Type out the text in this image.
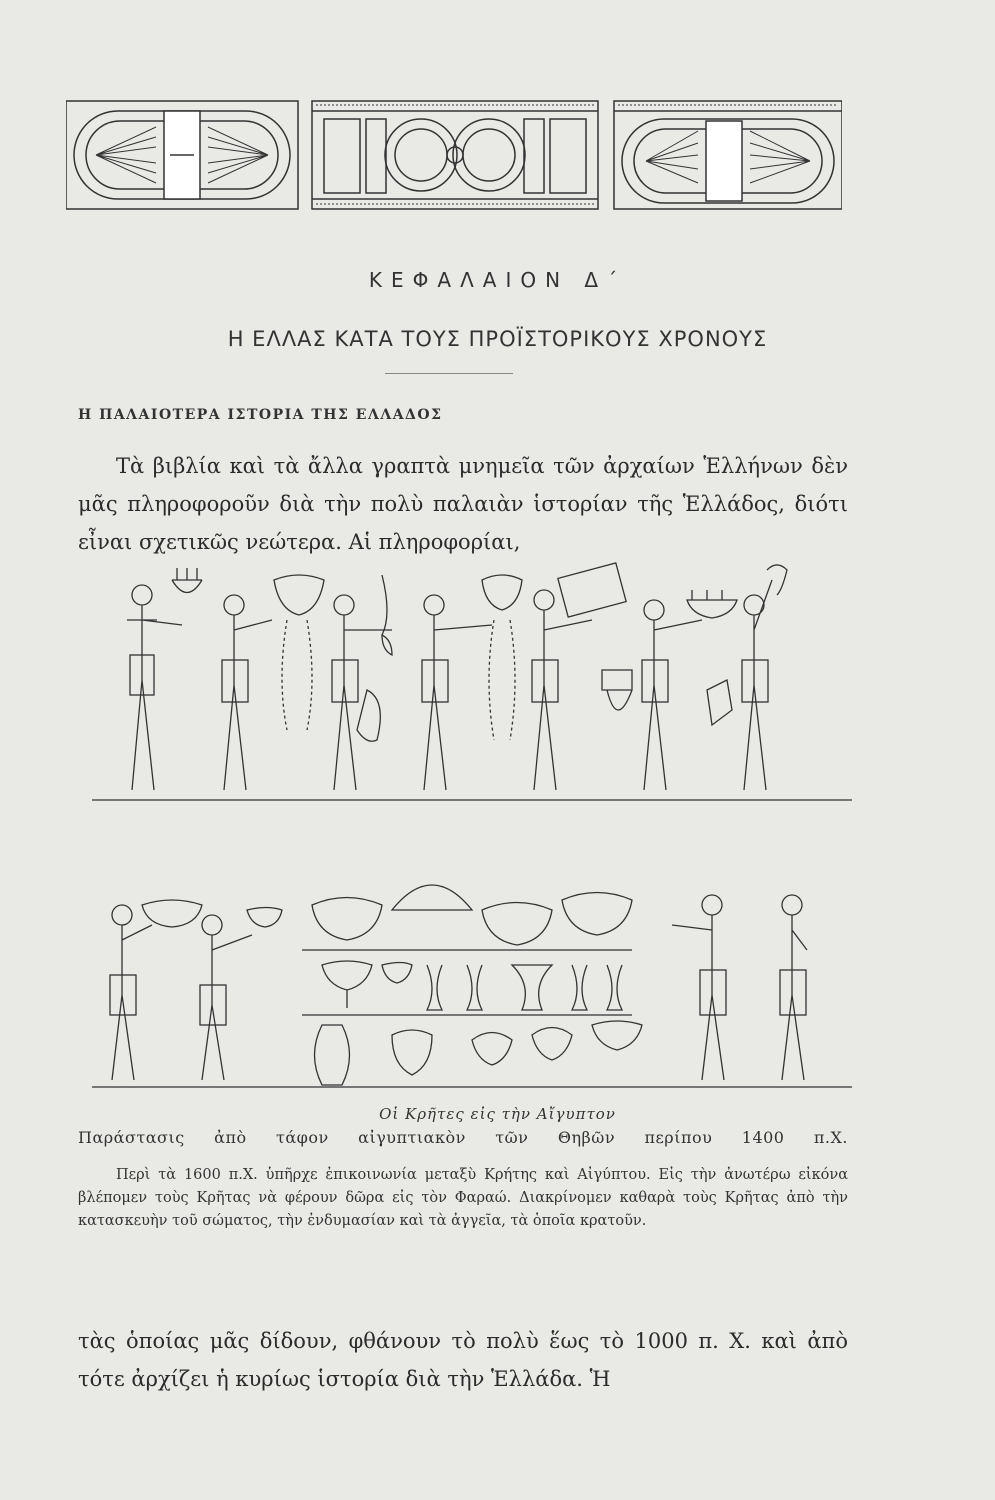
ΚΕΦΑΛΑΙΟΝ Δ΄
Η ΕΛΛΑΣ ΚΑΤΑ ΤΟΥΣ ΠΡΟΪΣΤΟΡΙΚΟΥΣ ΧΡΟΝΟΥΣ
Η ΠΑΛΑΙΟΤΕΡΑ ΙΣΤΟΡΙΑ ΤΗΣ ΕΛΛΑΔΟΣ
Τὰ βιβλία καὶ τὰ ἄλλα γραπτὰ μνημεῖα τῶν ἀρχαίων Ἑλλήνων δὲν μᾶς πληροφοροῦν διὰ τὴν πολὺ παλαιὰν ἱστορίαν τῆς Ἑλλάδος, διότι εἶναι σχετικῶς νεώτερα. Αἱ πληροφορίαι,
Οἱ Κρῆτες εἰς τὴν Αἴγυπτον
Παράστασις ἀπὸ τάφον αἰγυπτιακὸν τῶν Θηβῶν περίπου 1400 π.Χ.
Περὶ τὰ 1600 π.Χ. ὑπῆρχε ἐπικοινωνία μεταξὺ Κρήτης καὶ Αἰγύπτου. Εἰς τὴν ἀνωτέρω εἰκόνα βλέπομεν τοὺς Κρῆτας νὰ φέρουν δῶρα εἰς τὸν Φαραώ. Διακρίνομεν καθαρὰ τοὺς Κρῆτας ἀπὸ τὴν κατασκευὴν τοῦ σώματος, τὴν ἐνδυμασίαν καὶ τὰ ἀγγεῖα, τὰ ὁποῖα κρατοῦν.
τὰς ὁποίας μᾶς δίδουν, φθάνουν τὸ πολὺ ἕως τὸ 1000 π. Χ. καὶ ἀπὸ τότε ἀρχίζει ἡ κυρίως ἱστορία διὰ τὴν Ἑλλάδα. Ἡ
